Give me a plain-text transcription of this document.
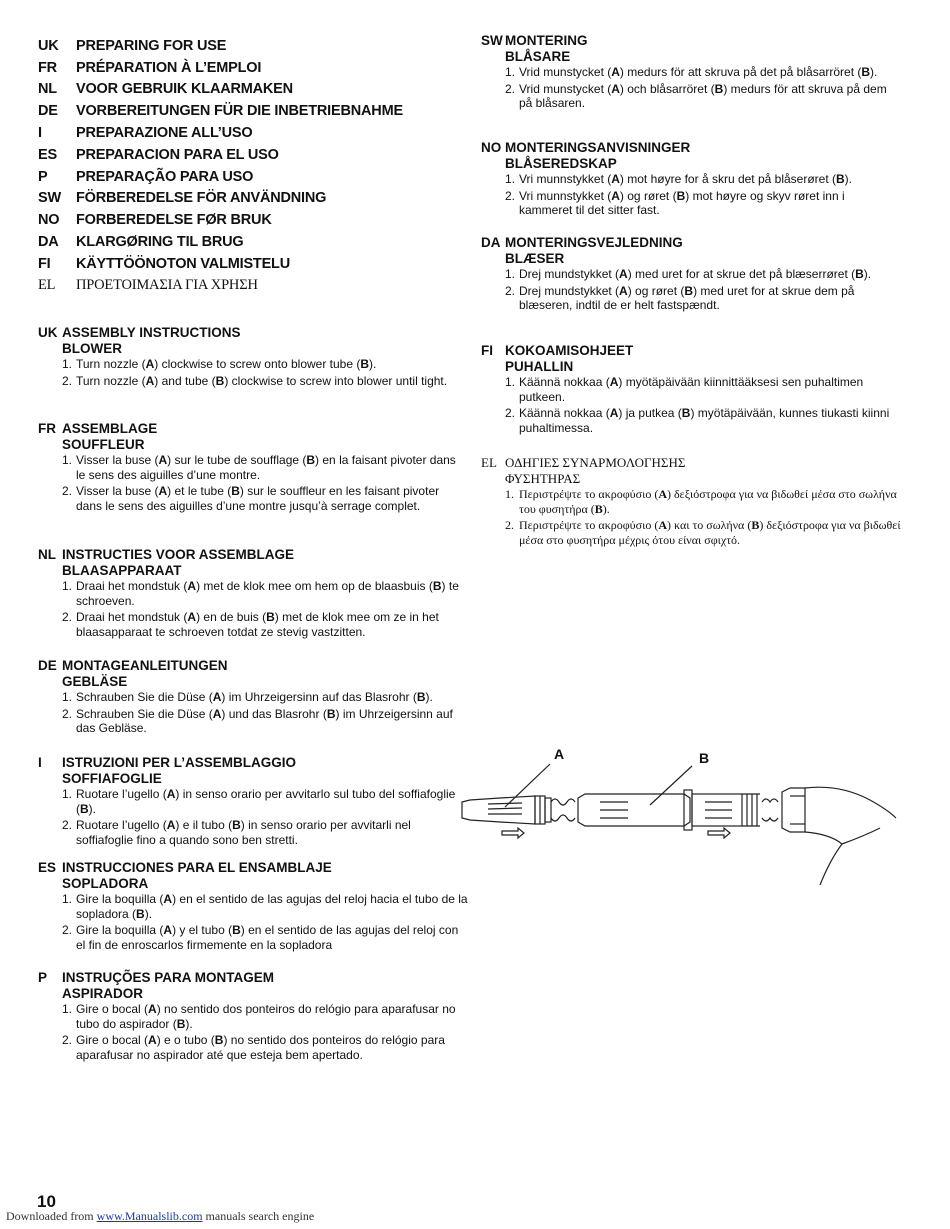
UK	PREPARING FOR USE
FR	PRÉPARATION À L’EMPLOI
NL	VOOR GEBRUIK KLAARMAKEN
DE	VORBEREITUNGEN FÜR DIE INBETRIEBNAHME
I	PREPARAZIONE ALL’USO
ES	PREPARACION PARA EL USO
P	PREPARAÇÃO PARA USO
SW	FÖRBEREDELSE FÖR ANVÄNDNING
NO	FORBEREDELSE FØR BRUK
DA	KLARGØRING TIL BRUG
FI	KÄYTTÖÖNOTON VALMISTELU
EL	ΠΡΟΕΤΟΙΜΑΣΙΑ ΓΙΑ ΧΡΗΣΗ
UK ASSEMBLY INSTRUCTIONS
BLOWER
1. Turn nozzle (A) clockwise to screw onto blower tube (B).
2. Turn nozzle (A) and tube (B) clockwise to screw into blower until tight.
FR ASSEMBLAGE
SOUFFLEUR
1. Visser la buse (A) sur le tube de soufflage (B) en la faisant pivoter dans le sens des aiguilles d’une montre.
2. Visser la buse (A) et le tube (B) sur le souffleur en les faisant pivoter dans le sens des aiguilles d’une montre jusqu’à serrage complet.
NL INSTRUCTIES VOOR ASSEMBLAGE
BLAASAPPARAAT
1. Draai het mondstuk (A) met de klok mee om hem op de blaasbuis (B) te schroeven.
2. Draai het mondstuk (A) en de buis (B) met de klok mee om ze in het blaasapparaat te schroeven totdat ze stevig vastzitten.
DE MONTAGEANLEITUNGEN
GEBLÄSE
1. Schrauben Sie die Düse (A) im Uhrzeigersinn auf das Blasrohr (B).
2. Schrauben Sie die Düse (A) und das Blasrohr (B) im Uhrzeigersinn auf das Gebläse.
I	ISTRUZIONI PER L’ASSEMBLAGGIO
SOFFIAFOGLIE
1. Ruotare l’ugello (A) in senso orario per avvitarlo sul tubo del soffiafoglie (B).
2. Ruotare l’ugello (A) e il tubo (B) in senso orario per avvitarli nel soffiafoglie fino a quando sono ben stretti.
ES INSTRUCCIONES PARA EL ENSAMBLAJE
SOPLADORA
1. Gire la boquilla (A) en el sentido de las agujas del reloj hacia el tubo de la sopladora (B).
2. Gire la boquilla (A) y el tubo (B) en el sentido de las agujas del reloj con el fin de enroscarlos firmemente en la sopladora
P	INSTRUÇÕES PARA MONTAGEM
ASPIRADOR
1. Gire o bocal (A) no sentido dos ponteiros do relógio para aparafusar no tubo do aspirador (B).
2. Gire o bocal (A) e o tubo (B) no sentido dos ponteiros do relógio para aparafusar no aspirador até que esteja bem apertado.
SW MONTERING
BLÅSARE
1. Vrid munstycket (A) medurs för att skruva på det på blåsarröret (B).
2. Vrid munstycket (A) och blåsarröret (B) medurs för att skruva på dem på blåsaren.
NO MONTERINGSANVISNINGER
BLÅSEREDSKAP
1. Vri munnstykket (A) mot høyre for å skru det på blåserøret (B).
2. Vri munnstykket (A) og røret (B) mot høyre og skyv røret inn i kammeret til det sitter fast.
DA MONTERINGSVEJLEDNING
BLÆSER
1. Drej mundstykket (A) med uret for at skrue det på blæserrøret (B).
2. Drej mundstykket (A) og røret (B) med uret for at skrue dem på blæseren, indtil de er helt fastspændt.
FI KOKOAMISOHJEET
PUHALLIN
1. Käännä nokkaa (A) myötäpäivään kiinnittääksesi sen puhaltimen putkeen.
2. Käännä nokkaa (A) ja putkea (B) myötäpäivään, kunnes tiukasti kiinni puhaltimessa.
EL ΟΔΗΓΙΕΣ ΣΥΝΑΡΜΟΛΟΓΗΣΗΣ
ΦΥΣΗΤΗΡΑΣ
1. Περιστρέψτε το ακροφύσιο (A) δεξιόστροφα για να βιδωθεί μέσα στο σωλήνα του φυσητήρα (B).
2. Περιστρέψτε το ακροφύσιο (A) και το σωλήνα (B) δεξιόστροφα για να βιδωθεί μέσα στο φυσητήρα μέχρις ότου είναι σφιχτό.
A	B
10
Downloaded from www.Manualslib.com manuals search engine
